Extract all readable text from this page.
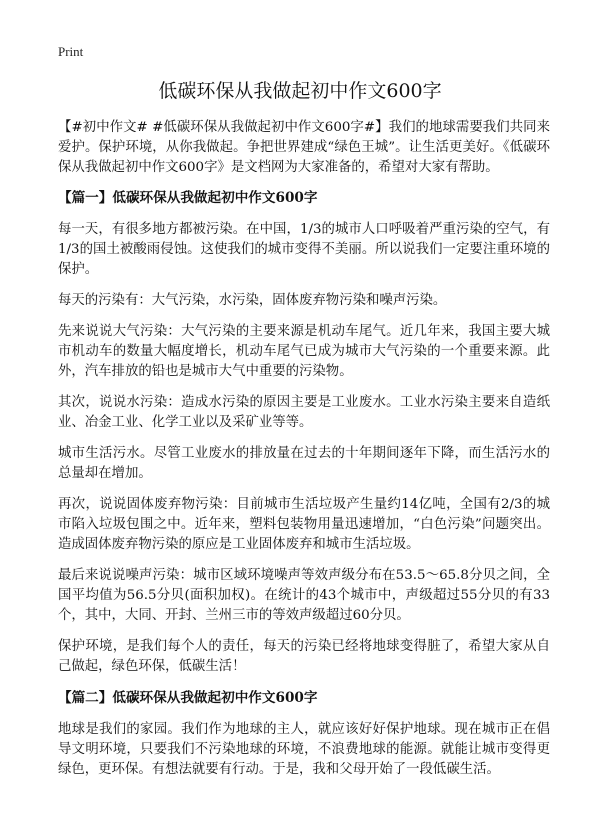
Print
低碳环保从我做起初中作文600字

【#初中作文# #低碳环保从我做起初中作文600字#】我们的地球需要我们共同来爱护。保护环境，从你我做起。争把世界建成“绿色王城”。让生活更美好。《低碳环保从我做起初中作文600字》是文档网为大家准备的，希望对大家有帮助。

【篇一】低碳环保从我做起初中作文600字

每一天，有很多地方都被污染。在中国，1/3的城市人口呼吸着严重污染的空气，有1/3的国土被酸雨侵蚀。这使我们的城市变得不美丽。所以说我们一定要注重环境的保护。

每天的污染有：大气污染，水污染，固体废弃物污染和噪声污染。

先来说说大气污染：大气污染的主要来源是机动车尾气。近几年来，我国主要大城市机动车的数量大幅度增长，机动车尾气已成为城市大气污染的一个重要来源。此外，汽车排放的铅也是城市大气中重要的污染物。

其次，说说水污染：造成水污染的原因主要是工业废水。工业水污染主要来自造纸业、冶金工业、化学工业以及采矿业等等。

城市生活污水。尽管工业废水的排放量在过去的十年期间逐年下降，而生活污水的总量却在增加。

再次，说说固体废弃物污染：目前城市生活垃圾产生量约14亿吨，全国有2/3的城市陷入垃圾包围之中。近年来，塑料包装物用量迅速增加，“白色污染”问题突出。造成固体废弃物污染的原应是工业固体废弃和城市生活垃圾。

最后来说说噪声污染：城市区域环境噪声等效声级分布在53.5～65.8分贝之间，全国平均值为56.5分贝(面积加权)。在统计的43个城市中，声级超过55分贝的有33个，其中，大同、开封、兰州三市的等效声级超过60分贝。

保护环境，是我们每个人的责任，每天的污染已经将地球变得脏了，希望大家从自己做起，绿色环保，低碳生活！

【篇二】低碳环保从我做起初中作文600字

地球是我们的家园。我们作为地球的主人，就应该好好保护地球。现在城市正在倡导文明环境，只要我们不污染地球的环境，不浪费地球的能源。就能让城市变得更绿色，更环保。有想法就要有行动。于是，我和父母开始了一段低碳生活。
